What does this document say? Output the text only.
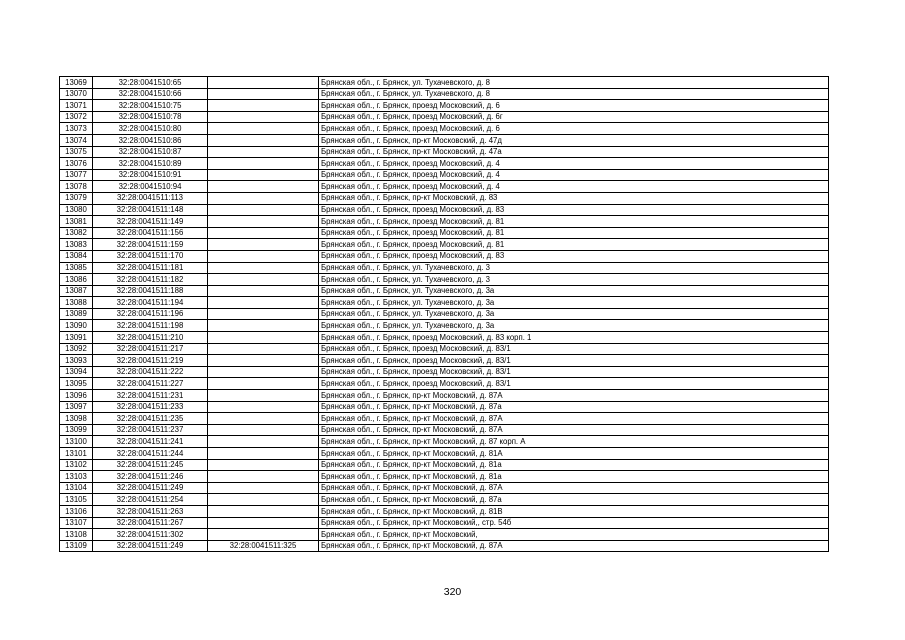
13069	32:28:0041510:65		Брянская обл., г. Брянск, ул. Тухачевского, д. 8
13070	32:28:0041510:66		Брянская обл., г. Брянск, ул. Тухачевского, д. 8
13071	32:28:0041510:75		Брянская обл., г. Брянск, проезд Московский, д. 6
13072	32:28:0041510:78		Брянская обл., г. Брянск, проезд Московский, д. 6г
13073	32:28:0041510:80		Брянская обл., г. Брянск, проезд Московский, д. 6
13074	32:28:0041510:86		Брянская обл., г. Брянск, пр-кт Московский, д. 47д
13075	32:28:0041510:87		Брянская обл., г. Брянск, пр-кт Московский, д. 47а
13076	32:28:0041510:89		Брянская обл., г. Брянск, проезд Московский, д. 4
13077	32:28:0041510:91		Брянская обл., г. Брянск, проезд Московский, д. 4
13078	32:28:0041510:94		Брянская обл., г. Брянск, проезд Московский, д. 4
13079	32:28:0041511:113		Брянская обл., г. Брянск, пр-кт Московский, д. 83
13080	32:28:0041511:148		Брянская обл., г. Брянск, проезд Московский, д. 83
13081	32:28:0041511:149		Брянская обл., г. Брянск, проезд Московский, д. 81
13082	32:28:0041511:156		Брянская обл., г. Брянск, проезд Московский, д. 81
13083	32:28:0041511:159		Брянская обл., г. Брянск, проезд Московский, д. 81
13084	32:28:0041511:170		Брянская обл., г. Брянск, проезд Московский, д. 83
13085	32:28:0041511:181		Брянская обл., г. Брянск, ул. Тухачевского, д. 3
13086	32:28:0041511:182		Брянская обл., г. Брянск, ул. Тухачевского, д. 3
13087	32:28:0041511:188		Брянская обл., г. Брянск, ул. Тухачевского, д. 3а
13088	32:28:0041511:194		Брянская обл., г. Брянск, ул. Тухачевского, д. 3а
13089	32:28:0041511:196		Брянская обл., г. Брянск, ул. Тухачевского, д. 3а
13090	32:28:0041511:198		Брянская обл., г. Брянск, ул. Тухачевского, д. 3а
13091	32:28:0041511:210		Брянская обл., г. Брянск, проезд Московский, д. 83 корп. 1
13092	32:28:0041511:217		Брянская обл., г. Брянск, проезд Московский, д. 83/1
13093	32:28:0041511:219		Брянская обл., г. Брянск, проезд Московский, д. 83/1
13094	32:28:0041511:222		Брянская обл., г. Брянск, проезд Московский, д. 83/1
13095	32:28:0041511:227		Брянская обл., г. Брянск, проезд Московский, д. 83/1
13096	32:28:0041511:231		Брянская обл., г. Брянск, пр-кт Московский, д. 87А
13097	32:28:0041511:233		Брянская обл., г. Брянск, пр-кт Московский, д. 87а
13098	32:28:0041511:235		Брянская обл., г. Брянск, пр-кт Московский, д. 87А
13099	32:28:0041511:237		Брянская обл., г. Брянск, пр-кт Московский, д. 87А
13100	32:28:0041511:241		Брянская обл., г. Брянск, пр-кт Московский, д. 87 корп. А
13101	32:28:0041511:244		Брянская обл., г. Брянск, пр-кт Московский, д. 81А
13102	32:28:0041511:245		Брянская обл., г. Брянск, пр-кт Московский, д. 81а
13103	32:28:0041511:246		Брянская обл., г. Брянск, пр-кт Московский, д. 81а
13104	32:28:0041511:249		Брянская обл., г. Брянск, пр-кт Московский, д. 87А
13105	32:28:0041511:254		Брянская обл., г. Брянск, пр-кт Московский, д. 87а
13106	32:28:0041511:263		Брянская обл., г. Брянск, пр-кт Московский, д. 81В
13107	32:28:0041511:267		Брянская обл., г. Брянск, пр-кт Московский,, стр. 54б
13108	32:28:0041511:302		Брянская обл., г. Брянск, пр-кт Московский,
13109	32:28:0041511:249	32:28:0041511:325	Брянская обл., г. Брянск, пр-кт Московский, д. 87А
320
